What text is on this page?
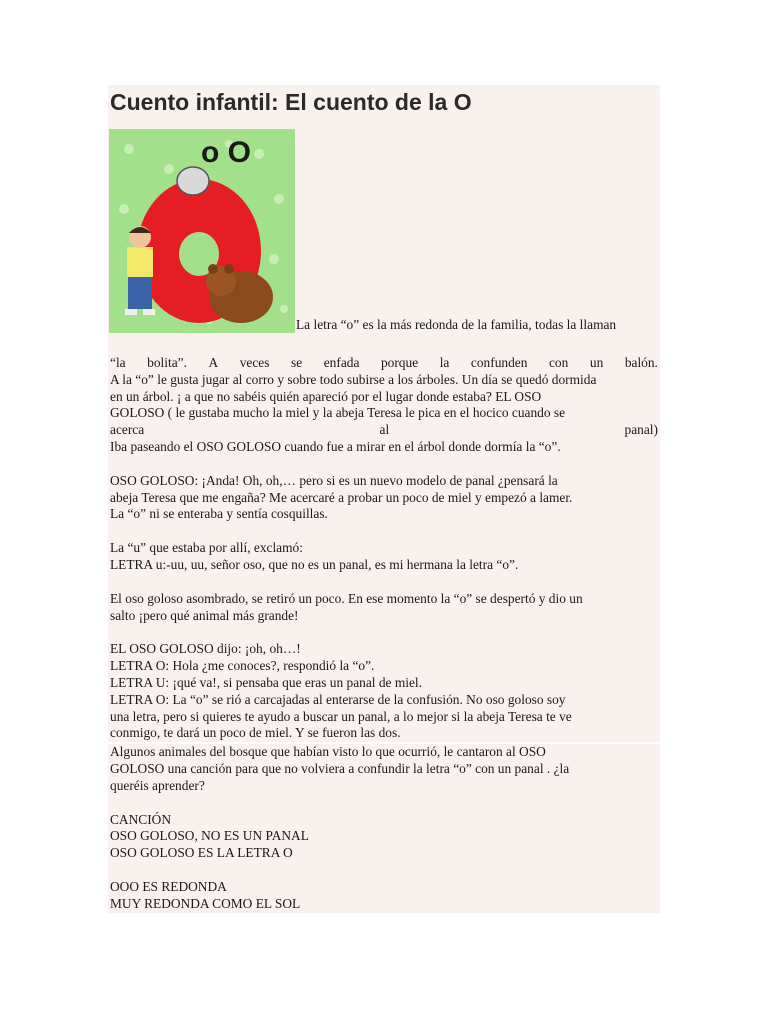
Cuento infantil: El cuento de la O
o O
La letra “o” es la más redonda de la familia, todas la llaman
“la bolita”. A veces se enfada porque la confunden con un balón.
A la “o” le gusta jugar al corro y sobre todo subirse a los árboles. Un día se quedó dormida
en un árbol. ¡ a que no sabéis quién apareció por el lugar donde estaba? EL OSO
GOLOSO ( le gustaba mucho la miel y la abeja Teresa le pica en el hocico cuando se
acerca	al	panal)
Iba paseando el OSO GOLOSO cuando fue a mirar en el árbol donde dormía la “o”.
OSO GOLOSO: ¡Anda! Oh, oh,… pero si es un nuevo modelo de panal ¿pensará la
abeja Teresa que me engaña? Me acercaré a probar un poco de miel y empezó a lamer.
La “o” ni se enteraba y sentía cosquillas.
La “u” que estaba por allí, exclamó:
LETRA u:-uu, uu, señor oso, que no es un panal, es mi hermana la letra “o”.
El oso goloso asombrado, se retiró un poco. En ese momento la “o” se despertó y dio un
salto ¡pero qué animal más grande!
EL OSO GOLOSO dijo: ¡oh, oh…!
LETRA O: Hola ¿me conoces?, respondió la “o”.
LETRA U: ¡qué va!, si pensaba que eras un panal de miel.
LETRA O: La “o” se rió a carcajadas al enterarse de la confusión. No oso goloso soy
una letra, pero si quieres te ayudo a buscar un panal, a lo mejor si la abeja Teresa te ve
conmigo, te dará un poco de miel. Y se fueron las dos.
Algunos animales del bosque que habían visto lo que ocurrió, le cantaron al OSO
GOLOSO una canción para que no volviera a confundir la letra “o” con un panal . ¿la
queréis aprender?
CANCIÓN
OSO GOLOSO, NO ES UN PANAL
OSO GOLOSO ES LA LETRA O
OOO ES REDONDA
MUY REDONDA COMO EL SOL
